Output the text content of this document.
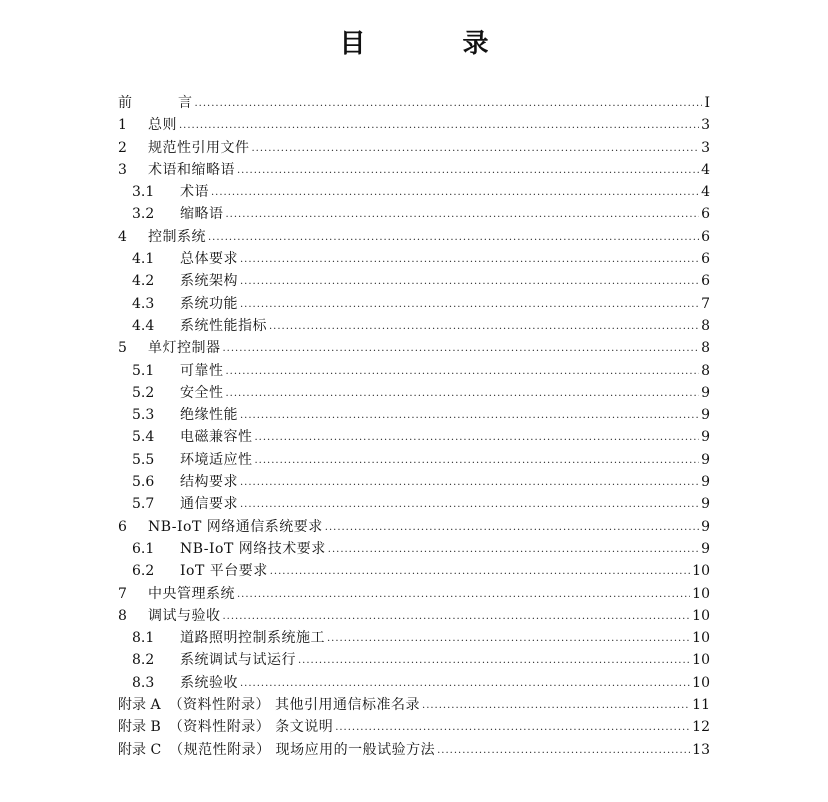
目 录
前	言 .....	I
1	总则 .....	3
2	规范性引用文件 .....	3
3	术语和缩略语 .....	4
3.1	术语 .....	4
3.2	缩略语 .....	6
4	控制系统 .....	6
4.1	总体要求 .....	6
4.2	系统架构 .....	6
4.3	系统功能 .....	7
4.4	系统性能指标 .....	8
5	单灯控制器 .....	8
5.1	可靠性 .....	8
5.2	安全性 .....	9
5.3	绝缘性能 .....	9
5.4	电磁兼容性 .....	9
5.5	环境适应性 .....	9
5.6	结构要求 .....	9
5.7	通信要求 .....	9
6	NB-IoT 网络通信系统要求 .....	9
6.1	NB-IoT 网络技术要求 .....	9
6.2	IoT 平台要求 .....	10
7	中央管理系统 .....	10
8	调试与验收 .....	10
8.1	道路照明控制系统施工 .....	10
8.2	系统调试与试运行 .....	10
8.3	系统验收 .....	10
附录 A （资料性附录） 其他引用通信标准名录 .....	11
附录 B （资料性附录） 条文说明 .....	12
附录 C （规范性附录） 现场应用的一般试验方法 .....	13
